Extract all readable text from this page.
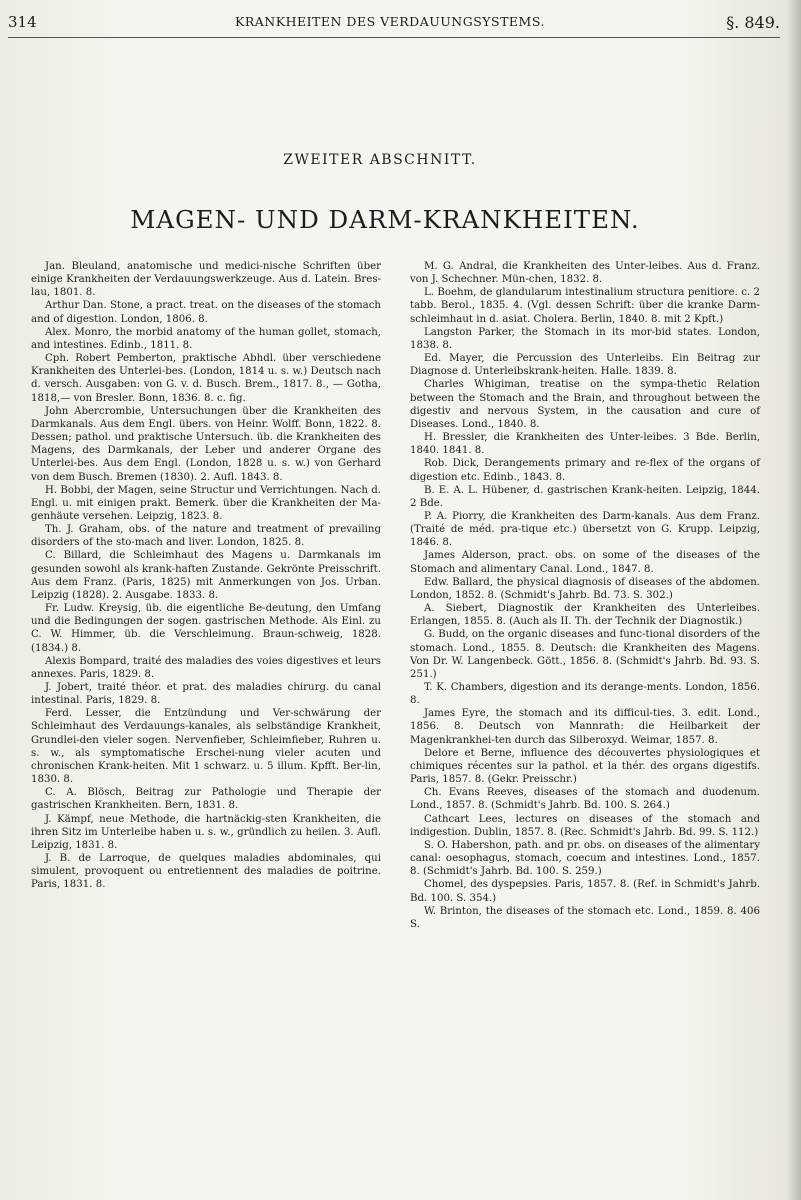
314	KRANKHEITEN DES VERDAUUNGSYSTEMS.	§. 849.
ZWEITER ABSCHNITT.
MAGEN- UND DARM-KRANKHEITEN.

Jan. Bleuland, anatomische und medici-nische Schriften über einige Krankheiten der Verdauungswerkzeuge. Aus d. Latein. Bres-lau, 1801. 8.

Arthur Dan. Stone, a pract. treat. on the diseases of the stomach and of digestion. London, 1806. 8.

Alex. Monro, the morbid anatomy of the human gollet, stomach, and intestines. Edinb., 1811. 8.

Cph. Robert Pemberton, praktische Abhdl. über verschiedene Krankheiten des Unterlei-bes. (London, 1814 u. s. w.) Deutsch nach d. versch. Ausgaben: von G. v. d. Busch. Brem., 1817. 8., — Gotha, 1818,— von Bresler. Bonn, 1836. 8. c. fig.

John Abercrombie, Untersuchungen über die Krankheiten des Darmkanals. Aus dem Engl. übers. von Heinr. Wolff. Bonn, 1822. 8. Dessen; pathol. und praktische Untersuch. üb. die Krankheiten des Magens, des Darmkanals, der Leber und anderer Organe des Unterlei-bes. Aus dem Engl. (London, 1828 u. s. w.) von Gerhard von dem Busch. Bremen (1830). 2. Aufl. 1843. 8.

H. Bobbi, der Magen, seine Structur und Verrichtungen. Nach d. Engl. u. mit einigen prakt. Bemerk. über die Krankheiten der Ma-genhäute versehen. Leipzig, 1823. 8.

Th. J. Graham, obs. of the nature and treatment of prevailing disorders of the sto-mach and liver. London, 1825. 8.

C. Billard, die Schleimhaut des Magens u. Darmkanals im gesunden sowohl als krank-haften Zustande. Gekrönte Preisschrift. Aus dem Franz. (Paris, 1825) mit Anmerkungen von Jos. Urban. Leipzig (1828). 2. Ausgabe. 1833. 8.

Fr. Ludw. Kreysig, üb. die eigentliche Be-deutung, den Umfang und die Bedingungen der sogen. gastrischen Methode. Als Einl. zu C. W. Himmer, üb. die Verschleimung. Braun-schweig, 1828. (1834.) 8.

Alexis Bompard, traité des maladies des voies digestives et leurs annexes. Paris, 1829. 8.

J. Jobert, traité théor. et prat. des maladies chirurg. du canal intestinal. Paris, 1829. 8.

Ferd. Lesser, die Entzündung und Ver-schwärung der Schleimhaut des Verdauungs-kanales, als selbständige Krankheit, Grundlei-den vieler sogen. Nervenfieber, Schleimfieber, Ruhren u. s. w., als symptomatische Erschei-nung vieler acuten und chronischen Krank-heiten. Mit 1 schwarz. u. 5 illum. Kpfft. Ber-lin, 1830. 8.

C. A. Blösch, Beitrag zur Pathologie und Therapie der gastrischen Krankheiten. Bern, 1831. 8.

J. Kämpf, neue Methode, die hartnäckig-sten Krankheiten, die ihren Sitz im Unterleibe haben u. s. w., gründlich zu heilen. 3. Aufl. Leipzig, 1831. 8.

J. B. de Larroque, de quelques maladies abdominales, qui simulent, provoquent ou entretiennent des maladies de poitrine. Paris, 1831. 8.

M. G. Andral, die Krankheiten des Unter-leibes. Aus d. Franz. von J. Schechner. Mün-chen, 1832. 8.

L. Boehm, de glandularum intestinalium structura penitiore. c. 2 tabb. Berol., 1835. 4. (Vgl. dessen Schrift: über die kranke Darm-schleimhaut in d. asiat. Cholera. Berlin, 1840. 8. mit 2 Kpft.)

Langston Parker, the Stomach in its mor-bid states. London, 1838. 8.

Ed. Mayer, die Percussion des Unterleibs. Ein Beitrag zur Diagnose d. Unterleibskrank-heiten. Halle. 1839. 8.

Charles Whigiman, treatise on the sympa-thetic Relation between the Stomach and the Brain, and throughout between the digestiv and nervous System, in the causation and cure of Diseases. Lond., 1840. 8.

H. Bressler, die Krankheiten des Unter-leibes. 3 Bde. Berlin, 1840. 1841. 8.

Rob. Dick, Derangements primary and re-flex of the organs of digestion etc. Edinb., 1843. 8.

B. E. A. L. Hübener, d. gastrischen Krank-heiten. Leipzig, 1844. 2 Bde.

P. A. Piorry, die Krankheiten des Darm-kanals. Aus dem Franz. (Traité de méd. pra-tique etc.) übersetzt von G. Krupp. Leipzig, 1846. 8.

James Alderson, pract. obs. on some of the diseases of the Stomach and alimentary Canal. Lond., 1847. 8.

Edw. Ballard, the physical diagnosis of diseases of the abdomen. London, 1852. 8. (Schmidt's Jahrb. Bd. 73. S. 302.)

A. Siebert, Diagnostik der Krankheiten des Unterleibes. Erlangen, 1855. 8. (Auch als II. Th. der Technik der Diagnostik.)

G. Budd, on the organic diseases and func-tional disorders of the stomach. Lond., 1855. 8. Deutsch: die Krankheiten des Magens. Von Dr. W. Langenbeck. Gött., 1856. 8. (Schmidt's Jahrb. Bd. 93. S. 251.)

T. K. Chambers, digestion and its derange-ments. London, 1856. 8.

James Eyre, the stomach and its difficul-ties. 3. edit. Lond., 1856. 8. Deutsch von Mannrath: die Heilbarkeit der Magenkrankhei-ten durch das Silberoxyd. Weimar, 1857. 8.

Delore et Berne, influence des découvertes physiologiques et chimiques récentes sur la pathol. et la thér. des organs digestifs. Paris, 1857. 8. (Gekr. Preisschr.)

Ch. Evans Reeves, diseases of the stomach and duodenum. Lond., 1857. 8. (Schmidt's Jahrb. Bd. 100. S. 264.)

Cathcart Lees, lectures on diseases of the stomach and indigestion. Dublin, 1857. 8. (Rec. Schmidt's Jahrb. Bd. 99. S. 112.)

S. O. Habershon, path. and pr. obs. on diseases of the alimentary canal: oesophagus, stomach, coecum and intestines. Lond., 1857. 8. (Schmidt's Jahrb. Bd. 100. S. 259.)

Chomel, des dyspepsies. Paris, 1857. 8. (Ref. in Schmidt's Jahrb. Bd. 100. S. 354.)

W. Brinton, the diseases of the stomach etc. Lond., 1859. 8. 406 S.
